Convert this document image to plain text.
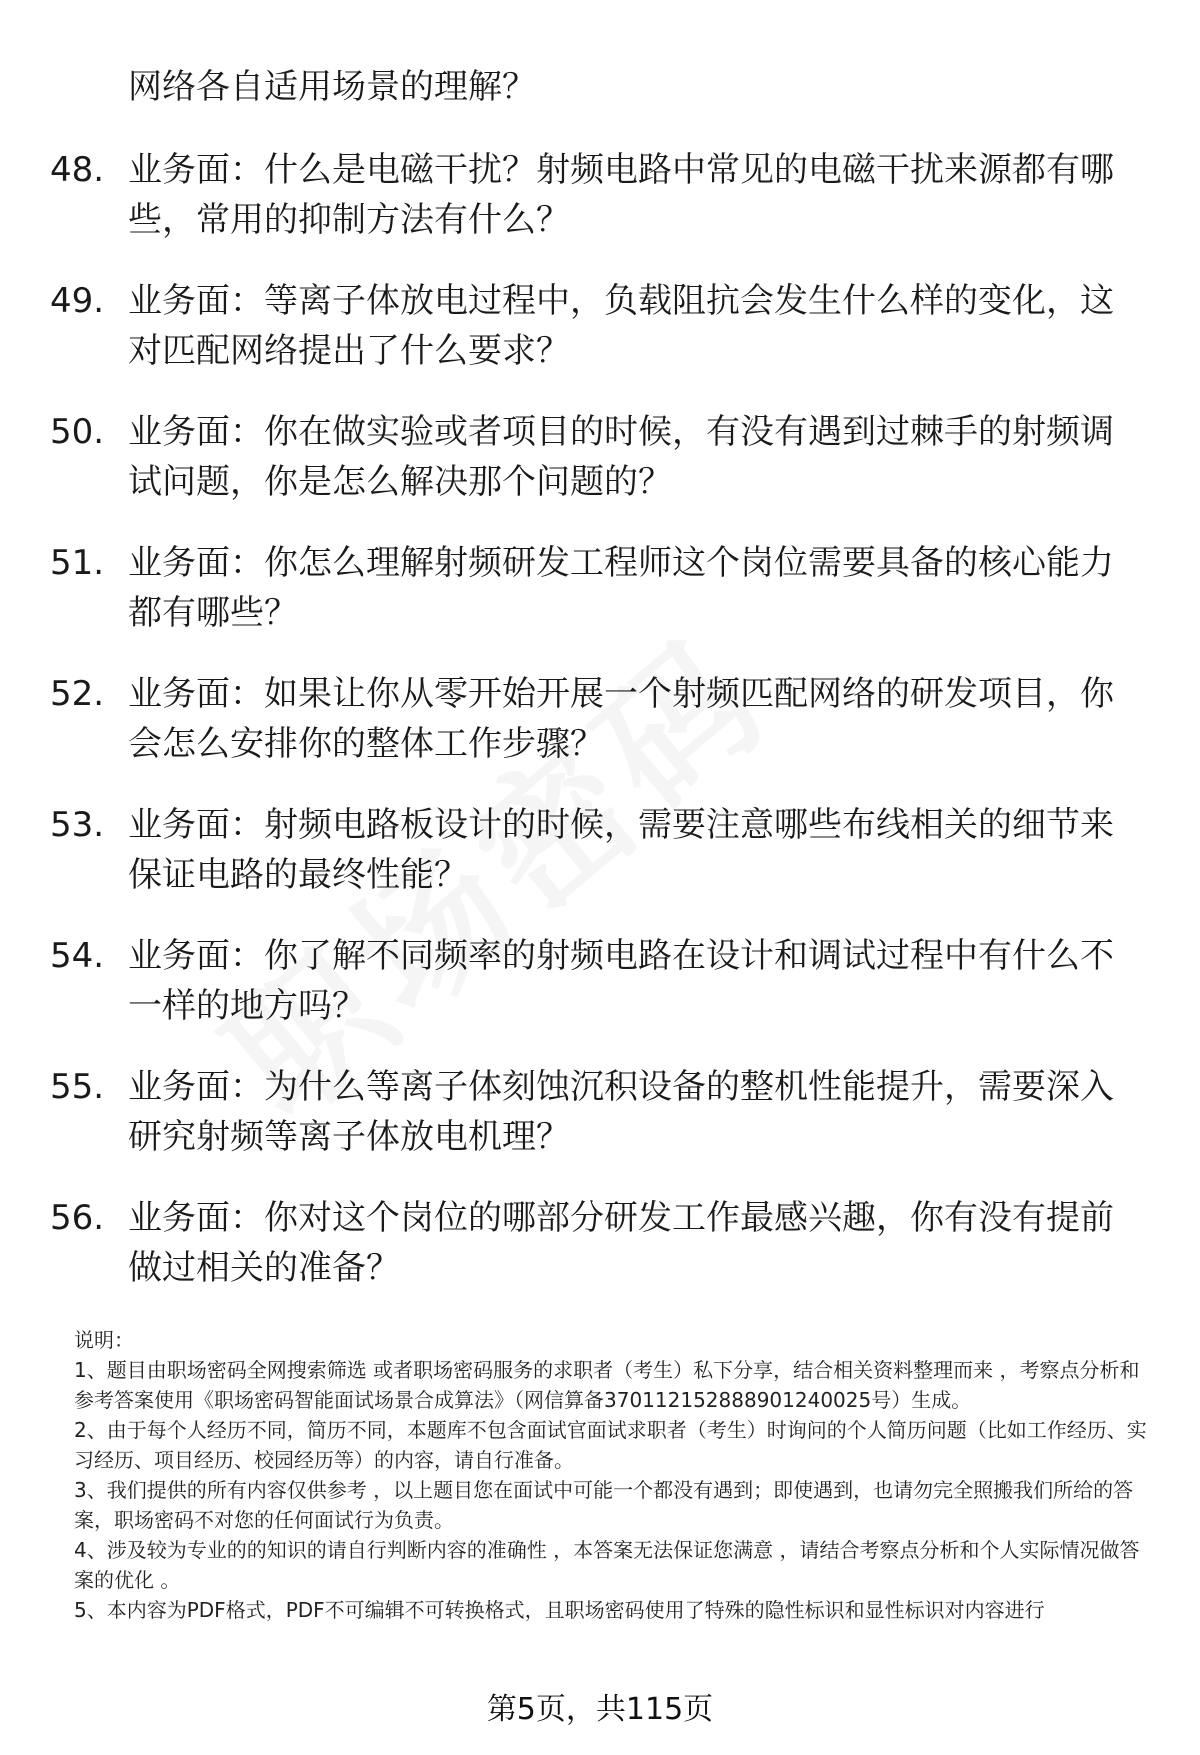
网络各自适用场景的理解？

48. 业务面：什么是电磁干扰？射频电路中常见的电磁干扰来源都有哪些，常用的抑制方法有什么？
49. 业务面：等离子体放电过程中，负载阻抗会发生什么样的变化，这对匹配网络提出了什么要求？
50. 业务面：你在做实验或者项目的时候，有没有遇到过棘手的射频调试问题，你是怎么解决那个问题的？
51. 业务面：你怎么理解射频研发工程师这个岗位需要具备的核心能力都有哪些？
52. 业务面：如果让你从零开始开展一个射频匹配网络的研发项目，你会怎么安排你的整体工作步骤？
53. 业务面：射频电路板设计的时候，需要注意哪些布线相关的细节来保证电路的最终性能？
54. 业务面：你了解不同频率的射频电路在设计和调试过程中有什么不一样的地方吗？
55. 业务面：为什么等离子体刻蚀沉积设备的整机性能提升，需要深入研究射频等离子体放电机理？
56. 业务面：你对这个岗位的哪部分研发工作最感兴趣，你有没有提前做过相关的准备？

说明：

1、题目由职场密码全网搜索筛选 或者职场密码服务的求职者（考生）私下分享，结合相关资料整理而来 ，考察点分析和参考答案使用《职场密码智能面试场景合成算法》（网信算备370112152888901240025号）生成。

2、由于每个人经历不同，简历不同，本题库不包含面试官面试求职者（考生）时询问的个人简历问题（比如工作经历、实习经历、项目经历、校园经历等）的内容，请自行准备。

3、我们提供的所有内容仅供参考 ，以上题目您在面试中可能一个都没有遇到；即使遇到，也请勿完全照搬我们所给的答案，职场密码不对您的任何面试行为负责。

4、涉及较为专业的的知识的请自行判断内容的准确性 ，本答案无法保证您满意 ，请结合考察点分析和个人实际情况做答案的优化 。

5、本内容为PDF格式，PDF不可编辑不可转换格式，且职场密码使用了特殊的隐性标识和显性标识对内容进行

第5页，共115页
